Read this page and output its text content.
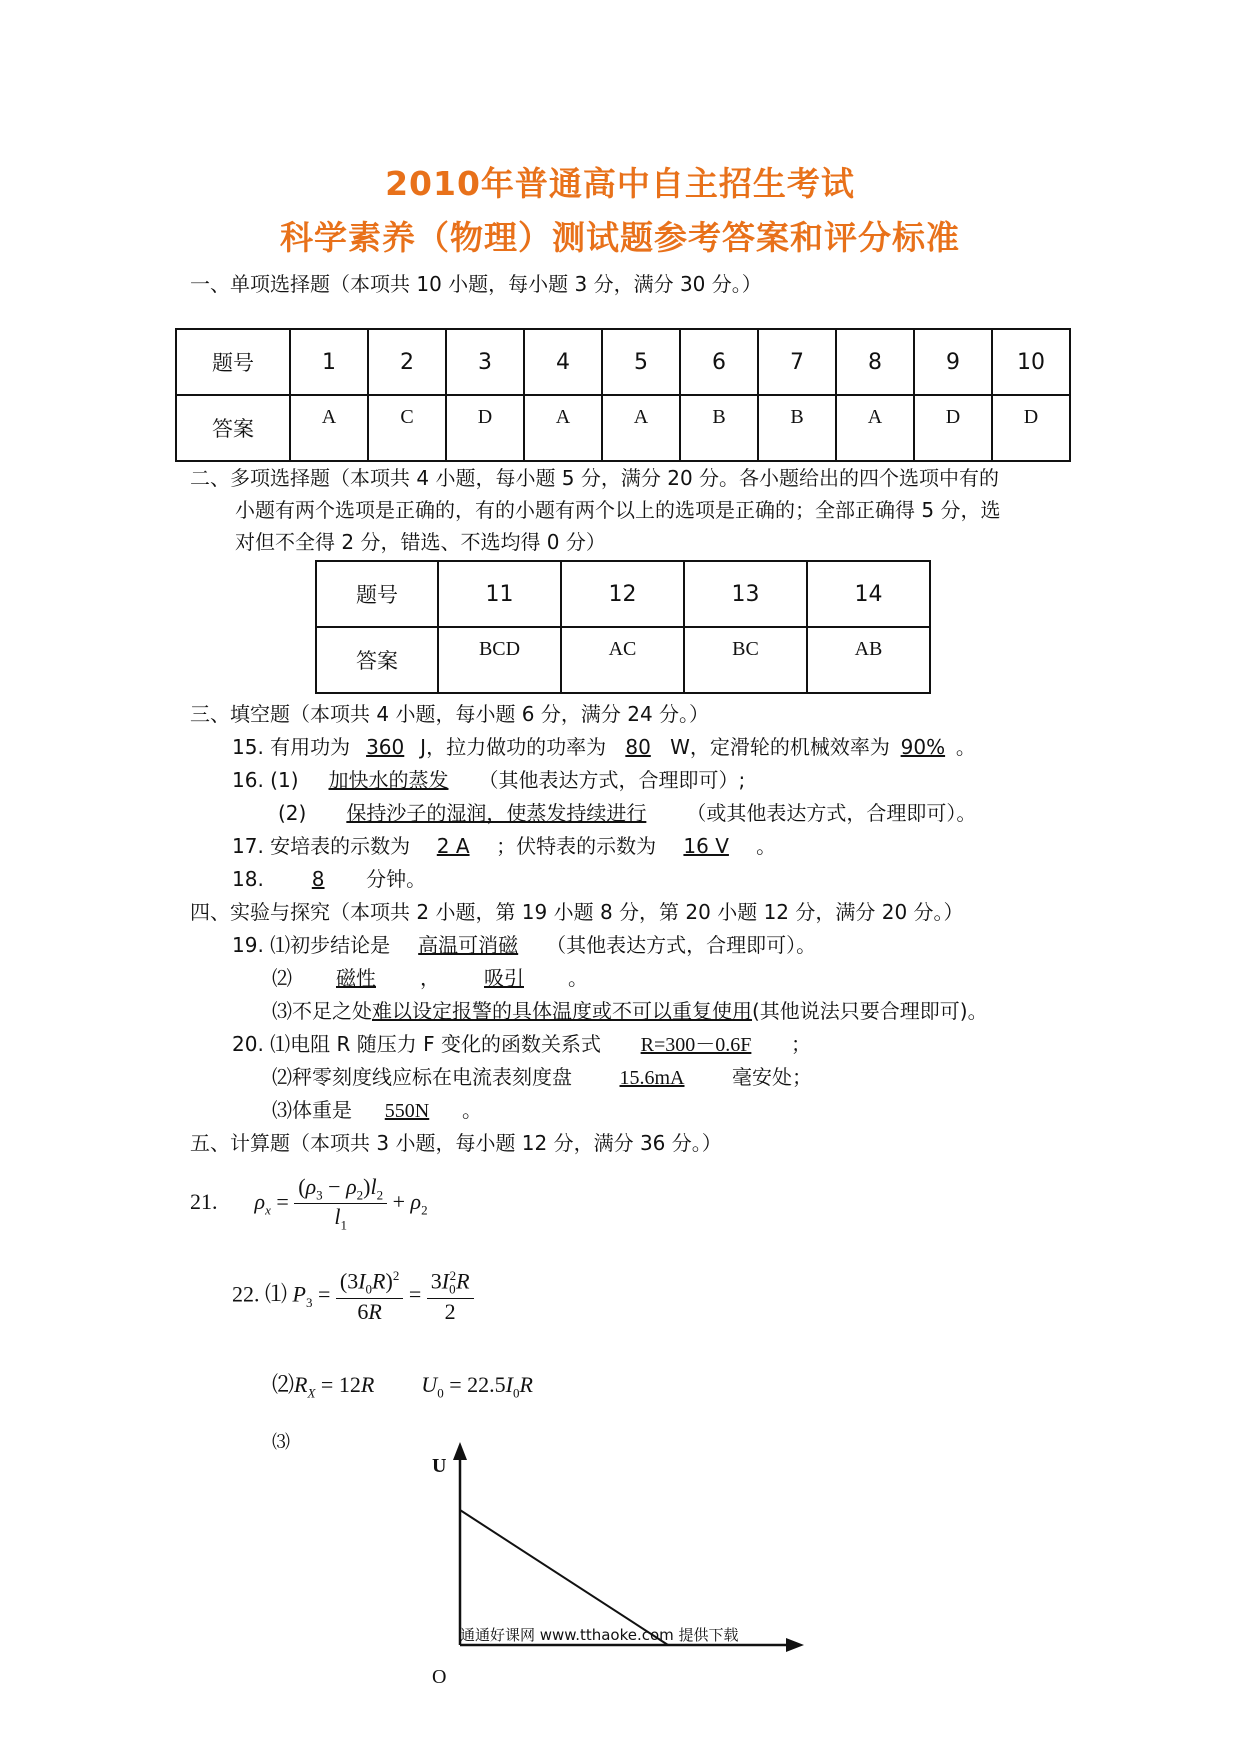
2010年普通高中自主招生考试
科学素养（物理）测试题参考答案和评分标准
一、单项选择题（本项共 10 小题，每小题 3 分，满分 30 分。）
题号	1	2	3	4	5	6	7	8	9	10
答案	A	C	D	A	A	B	B	A	D	D
二、多项选择题（本项共 4 小题，每小题 5 分，满分 20 分。各小题给出的四个选项中有的
小题有两个选项是正确的，有的小题有两个以上的选项是正确的；全部正确得 5 分，选
对但不全得 2 分，错选、不选均得 0 分）
题号	11	12	13	14
答案	BCD	AC	BC	AB
三、填空题（本项共 4 小题，每小题 6 分，满分 24 分。）
15. 有用功为 360 J，拉力做功的功率为 80 W，定滑轮的机械效率为 90% 。
16. (1) 加快水的蒸发 （其他表达方式，合理即可）;
(2) 保持沙子的湿润，使蒸发持续进行 （或其他表达方式，合理即可）。
17. 安培表的示数为 2 A ；伏特表的示数为 16 V 。
18. 8 分钟。
四、实验与探究（本项共 2 小题，第 19 小题 8 分，第 20 小题 12 分，满分 20 分。）
19. ⑴初步结论是 高温可消磁 （其他表达方式，合理即可）。
⑵ 磁性 ， 吸引 。
⑶不足之处难以设定报警的具体温度或不可以重复使用(其他说法只要合理即可)。
20. ⑴电阻 R 随压力 F 变化的函数关系式 R=300－0.6F ；
⑵秤零刻度线应标在电流表刻度盘 15.6mA 毫安处；
⑶体重是 550N 。
五、计算题（本项共 3 小题，每小题 12 分，满分 36 分。）
21. $\rho_x = \frac{(\rho_3 - \rho_2)l_2}{l_1} + \rho_2$
22. ⑴ $P_3 = \frac{(3I_0R)^2}{6R} = \frac{3I_0^2R}{2}$
$⑵R_X = 12R$ $U_0 = 22.5I_0R$
⑶
U
O
通通好课网 www.tthaoke.com 提供下载
